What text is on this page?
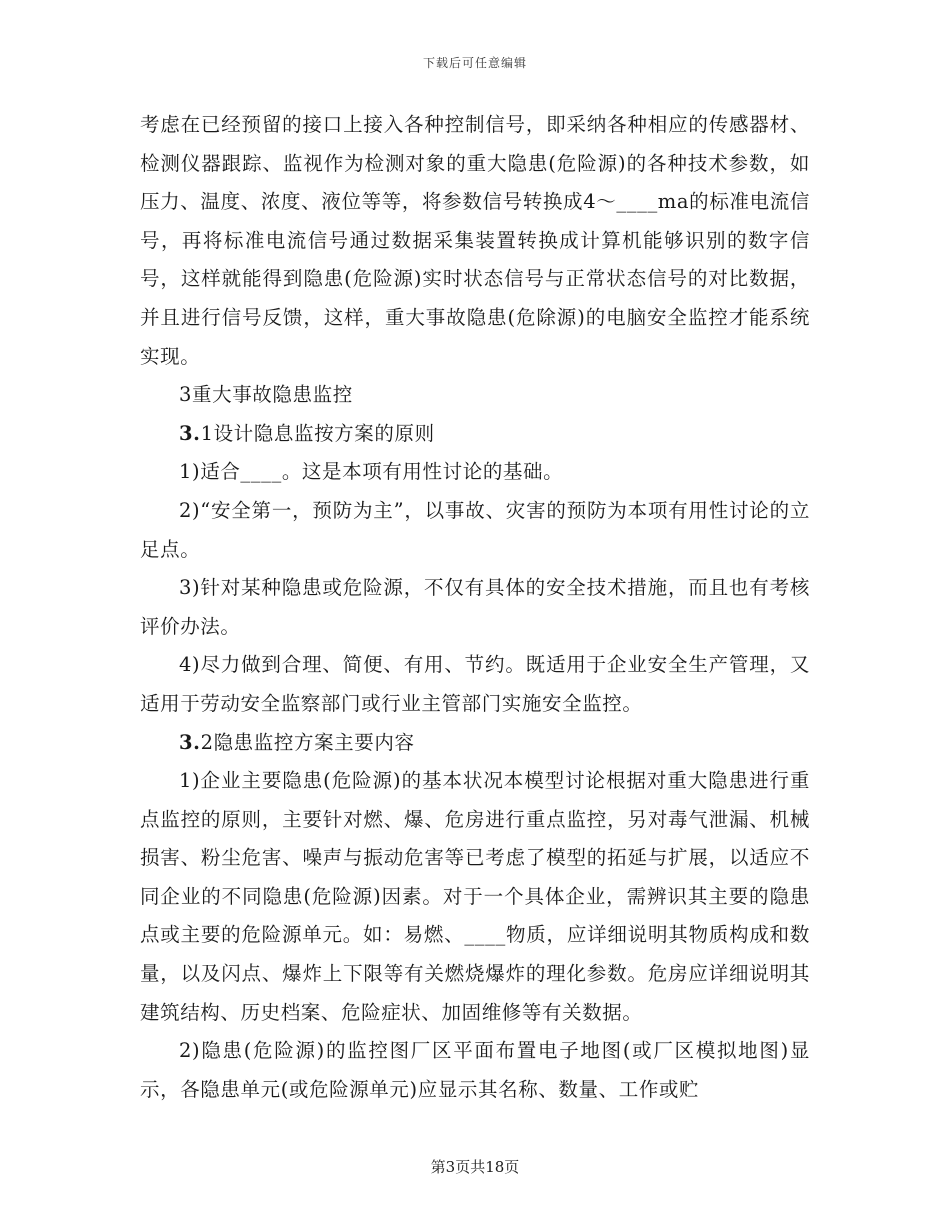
下载后可任意编辑

考虑在已经预留的接口上接入各种控制信号，即采纳各种相应的传感器材、检测仪器跟踪、监视作为检测对象的重大隐患(危险源)的各种技术参数，如压力、温度、浓度、液位等等，将参数信号转换成4～____ma的标准电流信号，再将标准电流信号通过数据采集装置转换成计算机能够识别的数字信号，这样就能得到隐患(危险源)实时状态信号与正常状态信号的对比数据，并且进行信号反馈，这样，重大事故隐患(危除源)的电脑安全监控才能系统实现。

3重大事故隐患监控

3.1设计隐息监按方案的原则

1)适合____。这是本项有用性讨论的基础。

2)“安全第一，预防为主”，以事故、灾害的预防为本项有用性讨论的立足点。

3)针对某种隐患或危险源，不仅有具体的安全技术措施，而且也有考核评价办法。

4)尽力做到合理、简便、有用、节约。既适用于企业安全生产管理，又适用于劳动安全监察部门或行业主管部门实施安全监控。

3.2隐患监控方案主要内容

1)企业主要隐患(危险源)的基本状况本模型讨论根据对重大隐患进行重点监控的原则，主要针对燃、爆、危房进行重点监控，另对毒气泄漏、机械损害、粉尘危害、噪声与振动危害等已考虑了模型的拓延与扩展，以适应不同企业的不同隐患(危险源)因素。对于一个具体企业，需辨识其主要的隐患点或主要的危险源单元。如：易燃、____物质，应详细说明其物质构成和数量，以及闪点、爆炸上下限等有关燃烧爆炸的理化参数。危房应详细说明其建筑结构、历史档案、危险症状、加固维修等有关数据。

2)隐患(危险源)的监控图厂区平面布置电子地图(或厂区模拟地图)显示，各隐患单元(或危险源单元)应显示其名称、数量、工作或贮

第3页共18页
